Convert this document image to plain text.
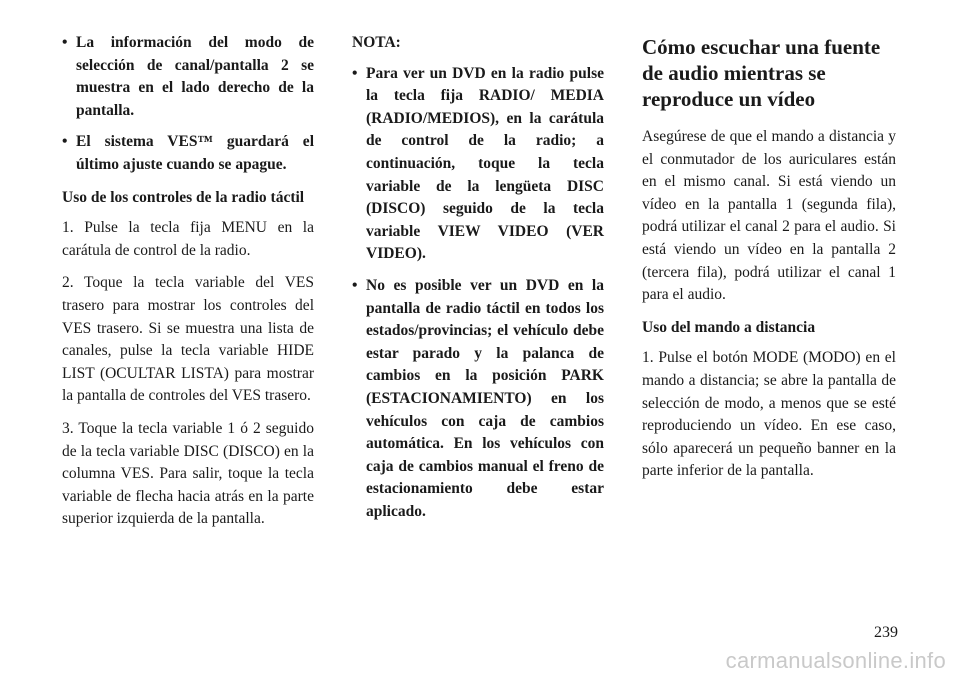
• La información del modo de selección de canal/pantalla 2 se muestra en el lado derecho de la pantalla.
• El sistema VES™ guardará el último ajuste cuando se apague.

Uso de los controles de la radio táctil

1. Pulse la tecla fija MENU en la carátula de control de la radio.

2. Toque la tecla variable del VES trasero para mostrar los controles del VES trasero. Si se muestra una lista de canales, pulse la tecla variable HIDE LIST (OCULTAR LISTA) para mostrar la pantalla de controles del VES trasero.

3. Toque la tecla variable 1 ó 2 seguido de la tecla variable DISC (DISCO) en la columna VES. Para salir, toque la tecla variable de flecha hacia atrás en la parte superior izquierda de la pantalla.

NOTA:

• Para ver un DVD en la radio pulse la tecla fija RADIO/ MEDIA (RADIO/MEDIOS), en la carátula de control de la radio; a continuación, toque la tecla variable de la lengüeta DISC (DISCO) seguido de la tecla variable VIEW VIDEO (VER VIDEO).
• No es posible ver un DVD en la pantalla de radio táctil en todos los estados/provincias; el vehículo debe estar parado y la palanca de cambios en la posición PARK (ESTACIONAMIENTO) en los vehículos con caja de cambios automática. En los vehículos con caja de cambios manual el freno de estacionamiento debe estar aplicado.
Cómo escuchar una fuente de audio mientras se reproduce un vídeo

Asegúrese de que el mando a distancia y el conmutador de los auriculares están en el mismo canal. Si está viendo un vídeo en la pantalla 1 (segunda fila), podrá utilizar el canal 2 para el audio. Si está viendo un vídeo en la pantalla 2 (tercera fila), podrá utilizar el canal 1 para el audio.

Uso del mando a distancia

1. Pulse el botón MODE (MODO) en el mando a distancia; se abre la pantalla de selección de modo, a menos que se esté reproduciendo un vídeo. En ese caso, sólo aparecerá un pequeño banner en la parte inferior de la pantalla.

239
carmanualsonline.info
